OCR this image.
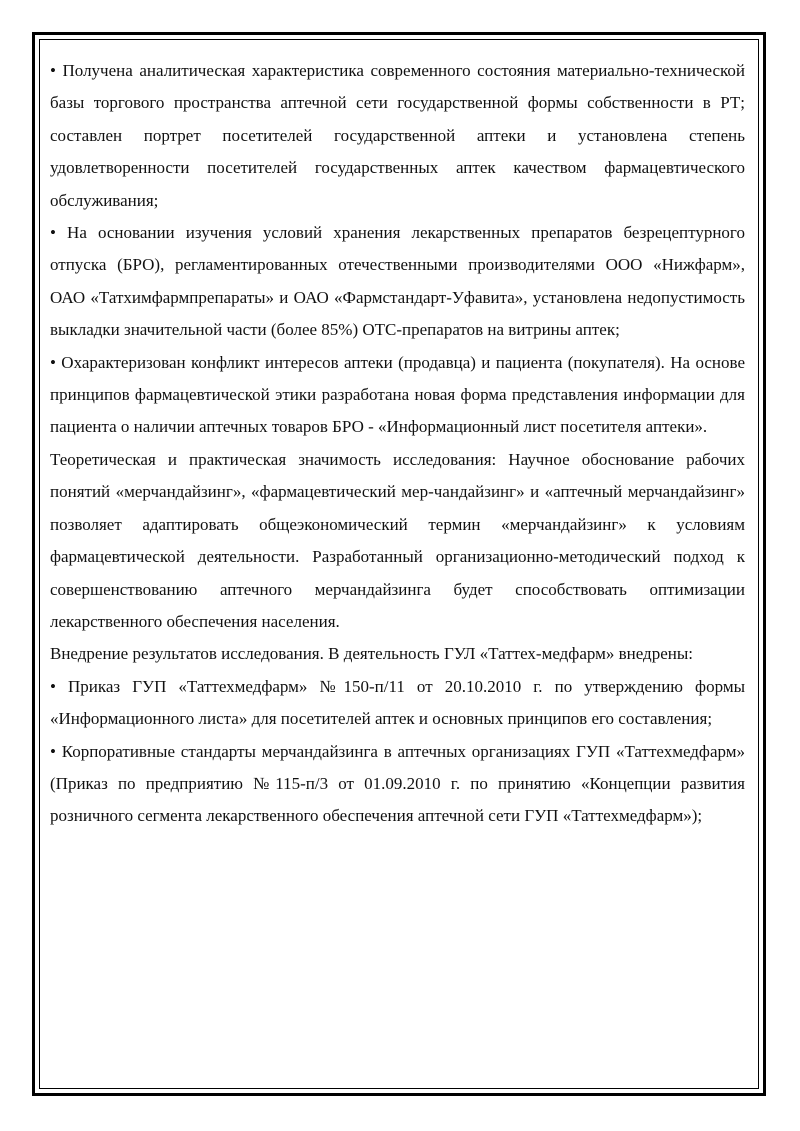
• Получена аналитическая характеристика современного состояния материально-технической базы торгового пространства аптечной сети государственной формы собственности в РТ; составлен портрет посетителей государственной аптеки и установлена степень удовлетворенности посетителей государственных аптек качеством фармацевтического обслуживания;

• На основании изучения условий хранения лекарственных препаратов безрецептурного отпуска (БРО), регламентированных отечественными производителями ООО «Нижфарм», ОАО «Татхимфармпрепараты» и ОАО «Фармстандарт-Уфавита», установлена недопустимость выкладки значительной части (более 85%) ОТС-препаратов на витрины аптек;

• Охарактеризован конфликт интересов аптеки (продавца) и пациента (покупателя). На основе принципов фармацевтической этики разработана новая форма представления информации для пациента о наличии аптечных товаров БРО - «Информационный лист посетителя аптеки».

Теоретическая и практическая значимость исследования: Научное обоснование рабочих понятий «мерчандайзинг», «фармацевтический мер-чандайзинг» и «аптечный мерчандайзинг» позволяет адаптировать общеэкономический термин «мерчандайзинг» к условиям фармацевтической деятельности. Разработанный организационно-методический подход к совершенствованию аптечного мерчандайзинга будет способствовать оптимизации лекарственного обеспечения населения.

Внедрение результатов исследования. В деятельность ГУЛ «Таттех-медфарм» внедрены:

• Приказ ГУП «Таттехмедфарм» №150-п/11 от 20.10.2010 г. по утверждению формы «Информационного листа» для посетителей аптек и основных принципов его составления;

• Корпоративные стандарты мерчандайзинга в аптечных организациях ГУП «Таттехмедфарм» (Приказ по предприятию №115-п/3 от 01.09.2010 г. по принятию «Концепции развития розничного сегмента лекарственного обеспечения аптечной сети ГУП «Таттехмедфарм»);
